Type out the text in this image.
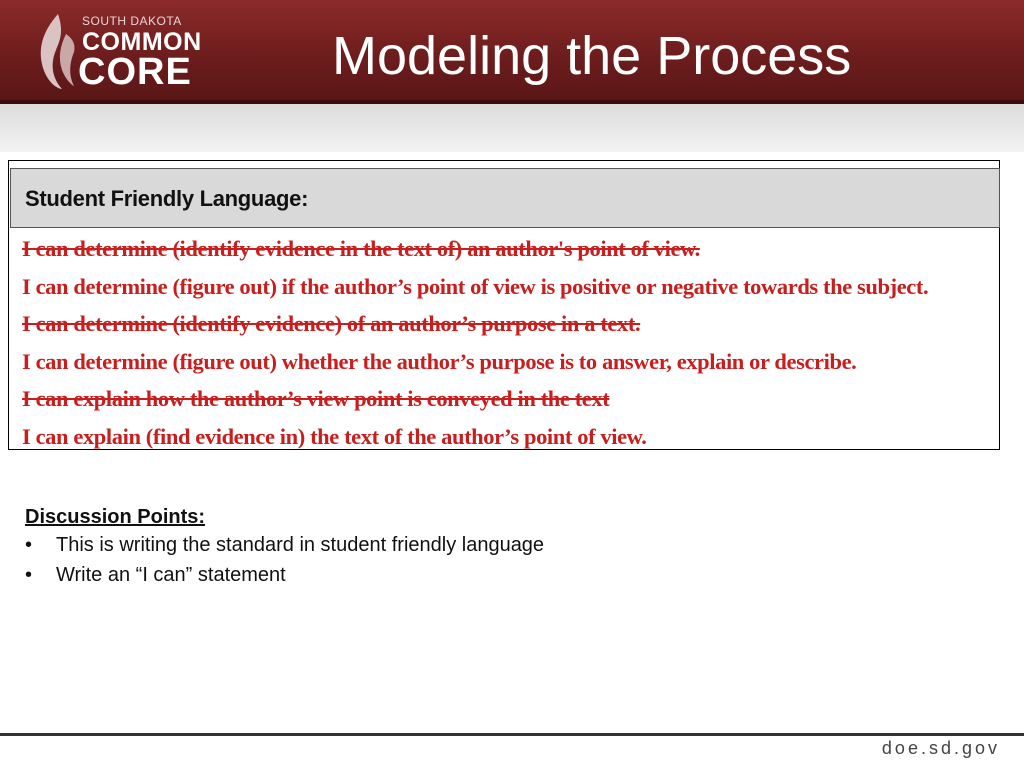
SOUTH DAKOTA
COMMON
CORE	Modeling the Process
Student Friendly Language:
I can determine (identify evidence in the text of) an author's point of view.
I can determine (figure out) if the author’s point of view is positive or negative towards the subject.
I can determine (identify evidence) of an author’s purpose in a text.
I can determine (figure out) whether the author’s purpose is to answer, explain or describe.
I can explain how the author’s view point is conveyed in the text
I can explain (find evidence in) the text of the author’s point of view.
Discussion Points:
• This is writing the standard in student friendly language
• Write an “I can” statement
doe.sd.gov
